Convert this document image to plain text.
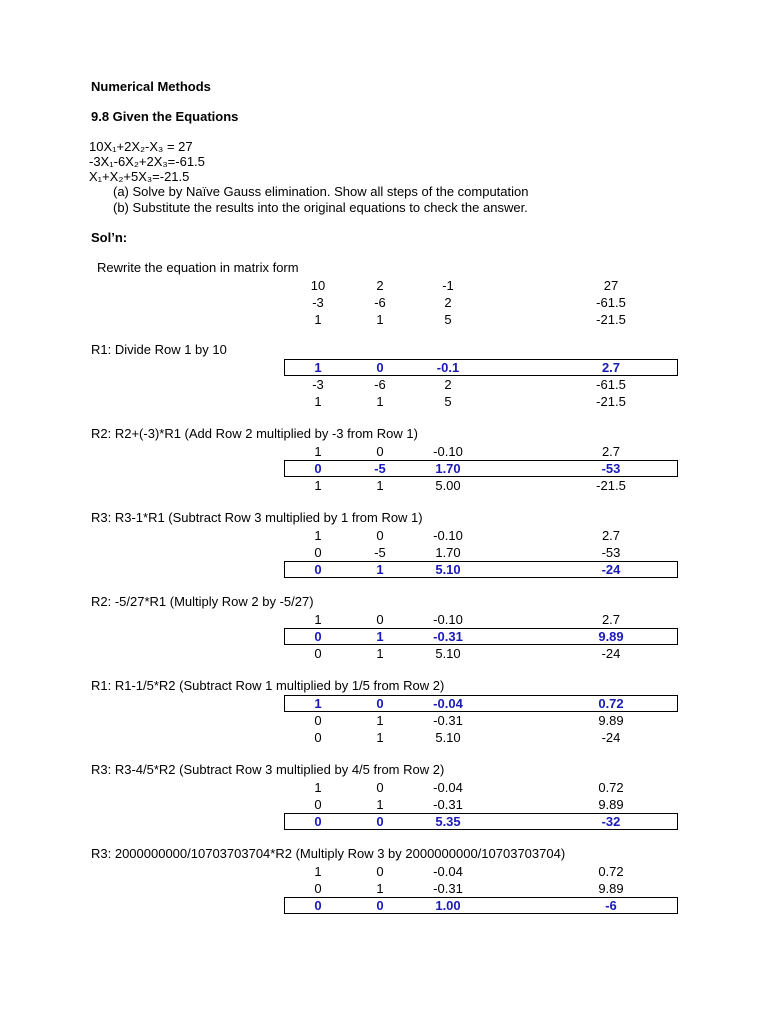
Numerical Methods
9.8 Given the Equations
10X₁+2X₂-X₃ = 27
-3X₁-6X₂+2X₃=-61.5
X₁+X₂+5X₃=-21.5
(a) Solve by Naïve Gauss elimination. Show all steps of the computation
(b) Substitute the results into the original equations to check the answer.
Sol’n:
Rewrite the equation in matrix form
10	2	-1	27
-3	-6	2	-61.5
1	1	5	-21.5
R1: Divide Row 1 by 10
1	0	-0.1	2.7
-3	-6	2	-61.5
1	1	5	-21.5
R2: R2+(-3)*R1 (Add Row 2 multiplied by -3 from Row 1)
1	0	-0.10	2.7
0	-5	1.70	-53
1	1	5.00	-21.5
R3: R3-1*R1 (Subtract Row 3 multiplied by 1 from Row 1)
1	0	-0.10	2.7
0	-5	1.70	-53
0	1	5.10	-24
R2: -5/27*R1 (Multiply Row 2 by -5/27)
1	0	-0.10	2.7
0	1	-0.31	9.89
0	1	5.10	-24
R1: R1-1/5*R2 (Subtract Row 1 multiplied by 1/5 from Row 2)
1	0	-0.04	0.72
0	1	-0.31	9.89
0	1	5.10	-24
R3: R3-4/5*R2 (Subtract Row 3 multiplied by 4/5 from Row 2)
1	0	-0.04	0.72
0	1	-0.31	9.89
0	0	5.35	-32
R3: 2000000000/10703703704*R2 (Multiply Row 3 by 2000000000/10703703704)
1	0	-0.04	0.72
0	1	-0.31	9.89
0	0	1.00	-6
